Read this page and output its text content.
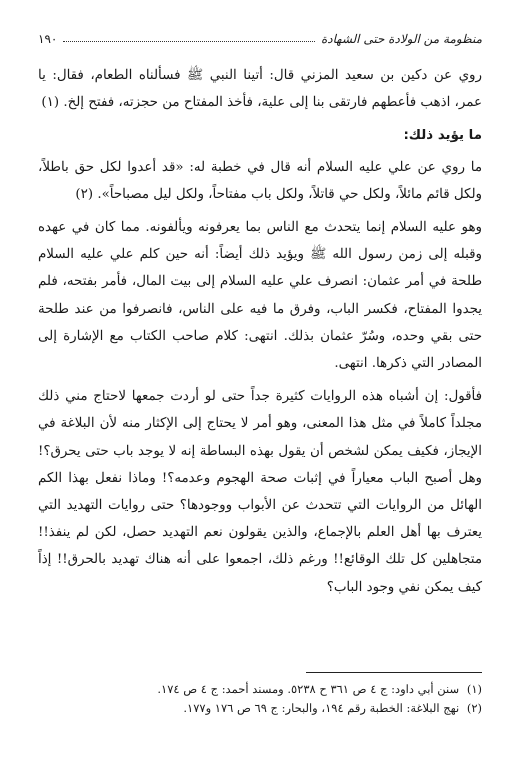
منظومة من الولادة حتى الشهادة
١٩٠

روي عن دكين بن سعيد المزني قال: أتينا النبي ﷺ فسألناه الطعام، فقال: يا عمر، اذهب فأعطهم فارتقى بنا إلى علية، فأخذ المفتاح من حجزته، ففتح إلخ. (١)

ما يؤيد ذلك:

ما روي عن علي عليه السلام أنه قال في خطبة له: «قد أعدوا لكل حق باطلاً، ولكل قائم مائلاً، ولكل حي قاتلاً، ولكل باب مفتاحاً، ولكل ليل مصباحاً». (٢)

وهو عليه السلام إنما يتحدث مع الناس بما يعرفونه ويألفونه. مما كان في عهده وقبله إلى زمن رسول الله ﷺ ويؤيد ذلك أيضاً: أنه حين كلم علي عليه السلام طلحة في أمر عثمان: انصرف علي عليه السلام إلى بيت المال، فأمر بفتحه، فلم يجدوا المفتاح، فكسر الباب، وفرق ما فيه على الناس، فانصرفوا من عند طلحة حتى بقي وحده، وسُرّ عثمان بذلك. انتهى: كلام صاحب الكتاب مع الإشارة إلى المصادر التي ذكرها. انتهى.

فأقول: إن أشباه هذه الروايات كثيرة جداً حتى لو أردت جمعها لاحتاج مني ذلك مجلداً كاملاً في مثل هذا المعنى، وهو أمر لا يحتاج إلى الإكثار منه لأن البلاغة في الإيجاز، فكيف يمكن لشخص أن يقول بهذه البساطة إنه لا يوجد باب حتى يحرق؟! وهل أصبح الباب معياراً في إثبات صحة الهجوم وعدمه؟! وماذا نفعل بهذا الكم الهائل من الروايات التي تتحدث عن الأبواب ووجودها؟ حتى روايات التهديد التي يعترف بها أهل العلم بالإجماع، والذين يقولون نعم التهديد حصل، لكن لم ينفذ!! متجاهلين كل تلك الوقائع!! ورغم ذلك، اجمعوا على أنه هناك تهديد بالحرق!! إذاً كيف يمكن نفي وجود الباب؟

(١) سنن أبي داود: ج ٤ ص ٣٦١ ح ٥٢٣٨. ومسند أحمد: ج ٤ ص ١٧٤.

(٢) نهج البلاغة: الخطبة رقم ١٩٤، والبحار: ج ٦٩ ص ١٧٦ و١٧٧.
